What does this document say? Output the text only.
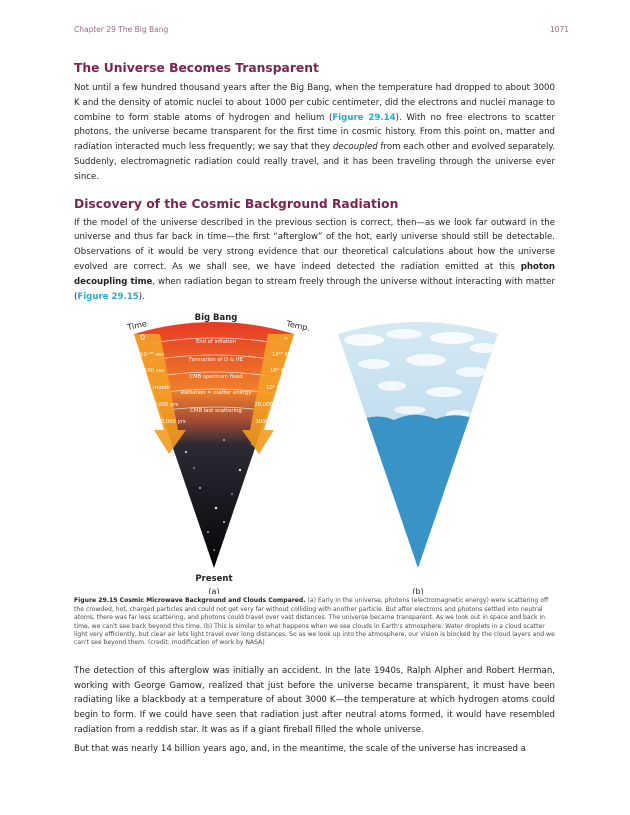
Chapter 29 The Big Bang	1071
The Universe Becomes Transparent

Not until a few hundred thousand years after the Big Bang, when the temperature had dropped to about 3000 K and the density of atomic nuclei to about 1000 per cubic centimeter, did the electrons and nuclei manage to combine to form stable atoms of hydrogen and helium (Figure 29.14). With no free electrons to scatter photons, the universe became transparent for the first time in cosmic history. From this point on, matter and radiation interacted much less frequently; we say that they decoupled from each other and evolved separately. Suddenly, electromagnetic radiation could really travel, and it has been traveling through the universe ever since.

Discovery of the Cosmic Background Radiation

If the model of the universe described in the previous section is correct, then—as we look far outward in the universe and thus far back in time—the first “afterglow” of the hot, early universe should still be detectable. Observations of it would be very strong evidence that our theoretical calculations about how the universe evolved are correct. As we shall see, we have indeed detected the radiation emitted at this photon decoupling time, when radiation began to stream freely through the universe without interacting with matter (Figure 29.15).

End of inflation
Formation of D & HE
CMB spectrum fixed
Radiation = matter energy
CMB last scattering
0
10⁻³⁰ sec
100 sec
1 month
10,000 yrs
380,000 yrs
∞
10²⁸ K
10⁹ K
10⁶ K
20,000 K
3000 K
Big Bang
Time	Temp.
Present
(a)	(b)
Figure 29.15 Cosmic Microwave Background and Clouds Compared. (a) Early in the universe, photons (electromagnetic energy) were scattering off the crowded, hot, charged particles and could not get very far without colliding with another particle. But after electrons and photons settled into neutral atoms, there was far less scattering, and photons could travel over vast distances. The universe became transparent. As we look out in space and back in time, we can't see back beyond this time. (b) This is similar to what happens when we see clouds in Earth's atmosphere. Water droplets in a cloud scatter light very efficiently, but clear air lets light travel over long distances. So as we look up into the atmosphere, our vision is blocked by the cloud layers and we can't see beyond them. (credit: modification of work by NASA)

The detection of this afterglow was initially an accident. In the late 1940s, Ralph Alpher and Robert Herman, working with George Gamow, realized that just before the universe became transparent, it must have been radiating like a blackbody at a temperature of about 3000 K—the temperature at which hydrogen atoms could begin to form. If we could have seen that radiation just after neutral atoms formed, it would have resembled radiation from a reddish star. It was as if a giant fireball filled the whole universe.

But that was nearly 14 billion years ago, and, in the meantime, the scale of the universe has increased a
